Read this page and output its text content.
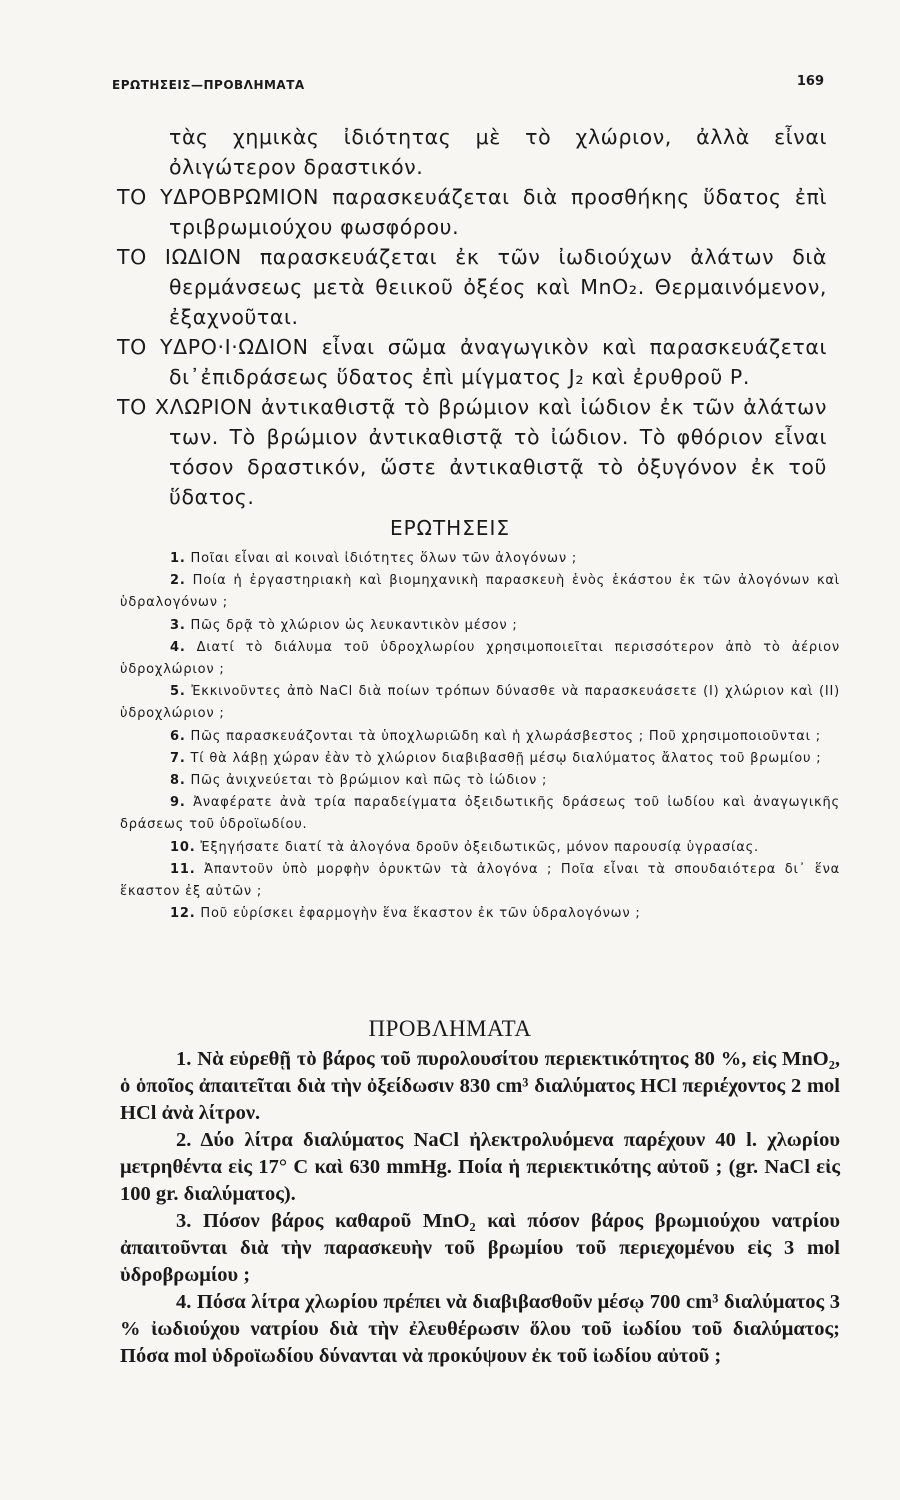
ΕΡΩΤΗΣΕΙΣ—ΠΡΟΒΛΗΜΑΤΑ	169

τὰς χημικὰς ἰδιότητας μὲ τὸ χλώριον, ἀλλὰ εἶναι ὀλιγώτερον δραστικόν.

ΤΟ ΥΔΡΟΒΡΩΜΙΟΝ παρασκευάζεται διὰ προσθήκης ὕδατος ἐπὶ τριβρωμιούχου φωσφόρου.

ΤΟ ΙΩΔΙΟΝ παρασκευάζεται ἐκ τῶν ἰωδιούχων ἀλάτων διὰ θερμάνσεως μετὰ θειικοῦ ὀξέος καὶ MnO₂. Θερμαινόμενον, ἐξαχνοῦται.

ΤΟ ΥΔΡΟ·Ι·ΩΔΙΟΝ εἶναι σῶμα ἀναγωγικὸν καὶ παρασκευάζεται δι᾽ἐπιδράσεως ὕδατος ἐπὶ μίγματος J₂ καὶ ἐρυθροῦ Ρ.

ΤΟ ΧΛΩΡΙΟΝ ἀντικαθιστᾷ τὸ βρώμιον καὶ ἰώδιον ἐκ τῶν ἀλάτων των. Τὸ βρώμιον ἀντικαθιστᾷ τὸ ἰώδιον. Τὸ φθόριον εἶναι τόσον δραστικόν, ὥστε ἀντικαθιστᾷ τὸ ὀξυγόνον ἐκ τοῦ ὕδατος.

ΕΡΩΤΗΣΕΙΣ

1. Ποῖαι εἶναι αἱ κοιναὶ ἰδιότητες ὅλων τῶν ἀλογόνων ;

2. Ποία ἡ ἐργαστηριακὴ καὶ βιομηχανικὴ παρασκευὴ ἑνὸς ἑκάστου ἐκ τῶν ἀλογόνων καὶ ὑδραλογόνων ;

3. Πῶς δρᾷ τὸ χλώριον ὡς λευκαντικὸν μέσον ;

4. Διατί τὸ διάλυμα τοῦ ὑδροχλωρίου χρησιμοποιεῖται περισσότερον ἀπὸ τὸ ἀέριον ὑδροχλώριον ;

5. Ἐκκινοῦντες ἀπὸ NaCl διὰ ποίων τρόπων δύνασθε νὰ παρασκευάσετε (I) χλώριον καὶ (II) ὑδροχλώριον ;

6. Πῶς παρασκευάζονται τὰ ὑποχλωριῶδη καὶ ἡ χλωράσβεστος ; Ποῦ χρησιμοποιοῦνται ;

7. Τί θὰ λάβῃ χώραν ἐὰν τὸ χλώριον διαβιβασθῇ μέσῳ διαλύματος ἄλατος τοῦ βρωμίου ;

8. Πῶς ἀνιχνεύεται τὸ βρώμιον καὶ πῶς τὸ ἰώδιον ;

9. Ἀναφέρατε ἀνὰ τρία παραδείγματα ὀξειδωτικῆς δράσεως τοῦ ἰωδίου καὶ ἀναγωγικῆς δράσεως τοῦ ὑδροϊωδίου.

10. Ἐξηγήσατε διατί τὰ ἀλογόνα δροῦν ὀξειδωτικῶς, μόνον παρουσίᾳ ὑγρασίας.

11. Ἀπαντοῦν ὑπὸ μορφὴν ὀρυκτῶν τὰ ἀλογόνα ; Ποῖα εἶναι τὰ σπουδαιότερα δι᾽ ἕνα ἕκαστον ἐξ αὐτῶν ;

12. Ποῦ εὑρίσκει ἐφαρμογὴν ἕνα ἕκαστον ἐκ τῶν ὑδραλογόνων ;

ΠΡΟΒΛΗΜΑΤΑ

1. Νὰ εὑρεθῇ τὸ βάρος τοῦ πυρολουσίτου περιεκτικότητος 80 %, εἰς MnO₂, ὁ ὁποῖος ἀπαιτεῖται διὰ τὴν ὀξείδωσιν 830 cm³ διαλύματος HCl περιέχοντος 2 mol HCl ἀνὰ λίτρον.

2. Δύο λίτρα διαλύματος NaCl ἠλεκτρολυόμενα παρέχουν 40 l. χλωρίου μετρηθέντα εἰς 17° C καὶ 630 mmHg. Ποία ἡ περιεκτικότης αὐτοῦ ; (gr. NaCl εἰς 100 gr. διαλύματος).

3. Πόσον βάρος καθαροῦ MnO₂ καὶ πόσον βάρος βρωμιούχου νατρίου ἀπαιτοῦνται διὰ τὴν παρασκευὴν τοῦ βρωμίου τοῦ περιεχομένου εἰς 3 mol ὑδροβρωμίου ;

4. Πόσα λίτρα χλωρίου πρέπει νὰ διαβιβασθοῦν μέσῳ 700 cm³ διαλύματος 3 % ἰωδιούχου νατρίου διὰ τὴν ἐλευθέρωσιν ὅλου τοῦ ἰωδίου τοῦ διαλύματος; Πόσα mol ὑδροϊωδίου δύνανται νὰ προκύψουν ἐκ τοῦ ἰωδίου αὐτοῦ ;
